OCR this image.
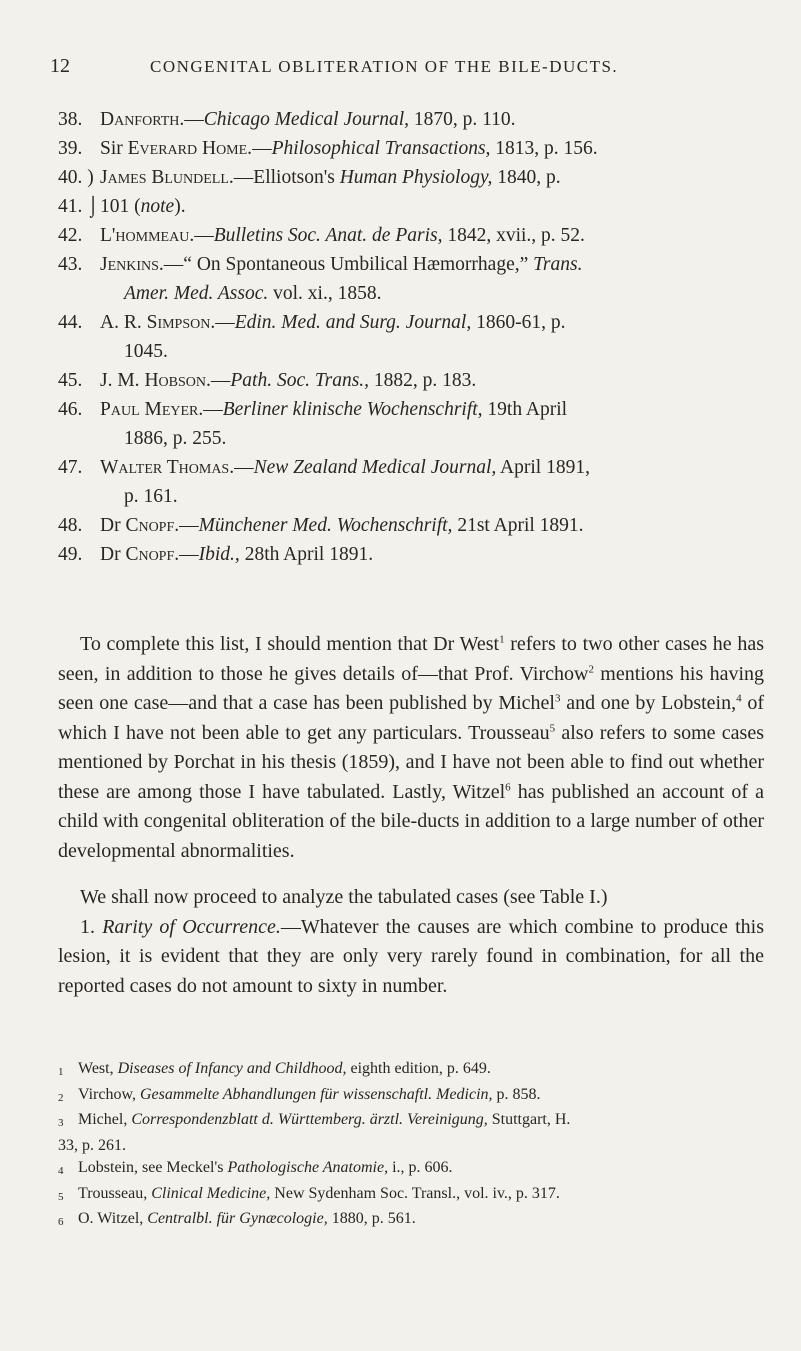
12	CONGENITAL OBLITERATION OF THE BILE-DUCTS.
38. Danforth.—Chicago Medical Journal, 1870, p. 110.
39. Sir Everard Home.—Philosophical Transactions, 1813, p. 156.
40. ) James Blundell.—Elliotson's Human Physiology, 1840, p.
41. ⌡ 101 (note).
42. L'hommeau.—Bulletins Soc. Anat. de Paris, 1842, xvii., p. 52.
43. Jenkins.—“ On Spontaneous Umbilical Hæmorrhage,” Trans.
Amer. Med. Assoc. vol. xi., 1858.
44. A. R. Simpson.—Edin. Med. and Surg. Journal, 1860-61, p.
1045.
45. J. M. Hobson.—Path. Soc. Trans., 1882, p. 183.
46. Paul Meyer.—Berliner klinische Wochenschrift, 19th April
1886, p. 255.
47. Walter Thomas.—New Zealand Medical Journal, April 1891,
p. 161.
48. Dr Cnopf.—Münchener Med. Wochenschrift, 21st April 1891.
49. Dr Cnopf.—Ibid., 28th April 1891.

To complete this list, I should mention that Dr West$^1$ refers to two other cases he has seen, in addition to those he gives details of—that Prof. Virchow$^2$ mentions his having seen one case—and that a case has been published by Michel$^3$ and one by Lobstein,$^4$ of which I have not been able to get any particulars. Trousseau$^5$ also refers to some cases mentioned by Porchat in his thesis (1859), and I have not been able to find out whether these are among those I have tabulated. Lastly, Witzel$^6$ has published an account of a child with congenital obliteration of the bile-ducts in addition to a large number of other developmental abnormalities.

We shall now proceed to analyze the tabulated cases (see Table I.)

1. Rarity of Occurrence.—Whatever the causes are which combine to produce this lesion, it is evident that they are only very rarely found in combination, for all the reported cases do not amount to sixty in number.

1 West, Diseases of Infancy and Childhood, eighth edition, p. 649.
2 Virchow, Gesammelte Abhandlungen für wissenschaftl. Medicin, p. 858.
3 Michel, Correspondenzblatt d. Württemberg. ärztl. Vereinigung, Stuttgart, H.
33, p. 261.
4 Lobstein, see Meckel's Pathologische Anatomie, i., p. 606.
5 Trousseau, Clinical Medicine, New Sydenham Soc. Transl., vol. iv., p. 317.
6 O. Witzel, Centralbl. für Gynæcologie, 1880, p. 561.
